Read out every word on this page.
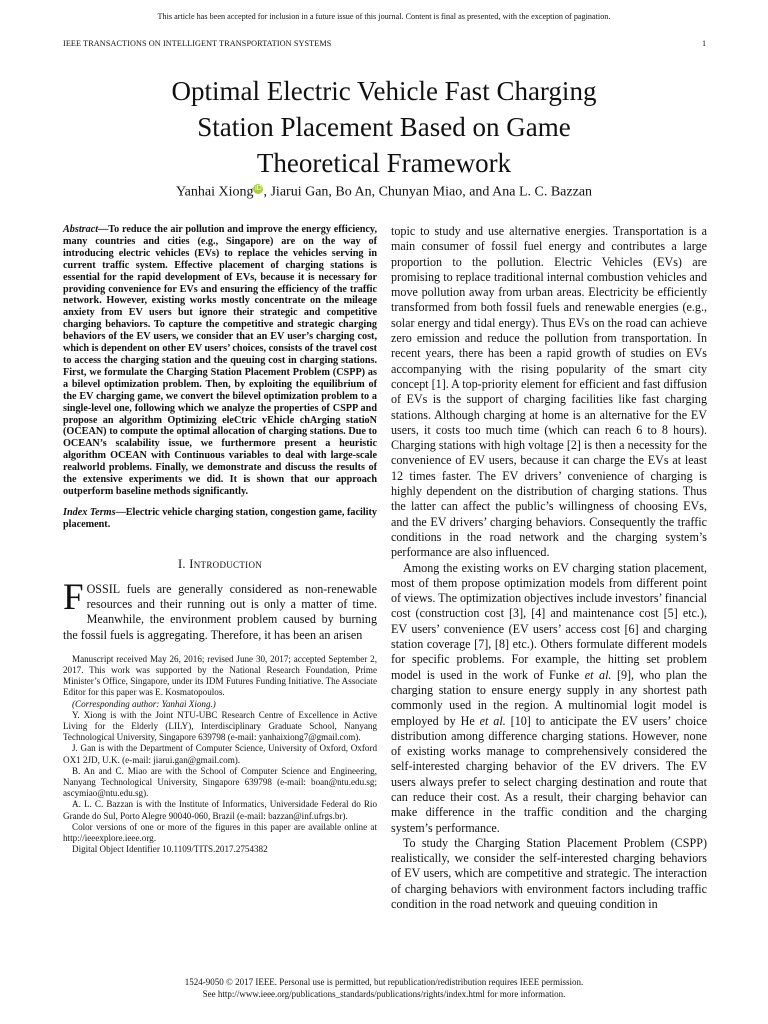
This article has been accepted for inclusion in a future issue of this journal. Content is final as presented, with the exception of pagination.
IEEE TRANSACTIONS ON INTELLIGENT TRANSPORTATION SYSTEMS	1
Optimal Electric Vehicle Fast Charging
Station Placement Based on Game
Theoretical Framework
Yanhai Xiong iD , Jiarui Gan, Bo An, Chunyan Miao, and Ana L. C. Bazzan

Abstract—To reduce the air pollution and improve the energy efficiency, many countries and cities (e.g., Singapore) are on the way of introducing electric vehicles (EVs) to replace the vehicles serving in current traffic system. Effective placement of charging stations is essential for the rapid development of EVs, because it is necessary for providing convenience for EVs and ensuring the efficiency of the traffic network. However, existing works mostly concentrate on the mileage anxiety from EV users but ignore their strategic and competitive charging behaviors. To capture the competitive and strategic charging behaviors of the EV users, we consider that an EV user’s charging cost, which is dependent on other EV users’ choices, consists of the travel cost to access the charging station and the queuing cost in charging stations. First, we formulate the Charging Station Placement Problem (CSPP) as a bilevel optimization problem. Then, by exploiting the equilibrium of the EV charging game, we convert the bilevel optimization problem to a single-level one, following which we analyze the properties of CSPP and propose an algorithm Optimizing eleCtric vEhicle chArging statioN (OCEAN) to compute the optimal allocation of charging stations. Due to OCEAN’s scalability issue, we furthermore present a heuristic algorithm OCEAN with Continuous variables to deal with large-scale realworld problems. Finally, we demonstrate and discuss the results of the extensive experiments we did. It is shown that our approach outperform baseline methods significantly.

Index Terms—Electric vehicle charging station, congestion game, facility placement.

I. Introduction

FOSSIL fuels are generally considered as non-renewable resources and their running out is only a matter of time. Meanwhile, the environment problem caused by burning the fossil fuels is aggregating. Therefore, it has been an arisen

Manuscript received May 26, 2016; revised June 30, 2017; accepted September 2, 2017. This work was supported by the National Research Foundation, Prime Minister’s Office, Singapore, under its IDM Futures Funding Initiative. The Associate Editor for this paper was E. Kosmatopoulos.

(Corresponding author: Yanhai Xiong.)

Y. Xiong is with the Joint NTU-UBC Research Centre of Excellence in Active Living for the Elderly (LILY), Interdisciplinary Graduate School, Nanyang Technological University, Singapore 639798 (e-mail: yanhaixiong7@gmail.com).

J. Gan is with the Department of Computer Science, University of Oxford, Oxford OX1 2JD, U.K. (e-mail: jiarui.gan@gmail.com).

B. An and C. Miao are with the School of Computer Science and Engineering, Nanyang Technological University, Singapore 639798 (e-mail: boan@ntu.edu.sg; ascymiao@ntu.edu.sg).

A. L. C. Bazzan is with the Institute of Informatics, Universidade Federal do Rio Grande do Sul, Porto Alegre 90040-060, Brazil (e-mail: bazzan@inf.ufrgs.br).

Color versions of one or more of the figures in this paper are available online at http://ieeexplore.ieee.org.

Digital Object Identifier 10.1109/TITS.2017.2754382

topic to study and use alternative energies. Transportation is a main consumer of fossil fuel energy and contributes a large proportion to the pollution. Electric Vehicles (EVs) are promising to replace traditional internal combustion vehicles and move pollution away from urban areas. Electricity be efficiently transformed from both fossil fuels and renewable energies (e.g., solar energy and tidal energy). Thus EVs on the road can achieve zero emission and reduce the pollution from transportation. In recent years, there has been a rapid growth of studies on EVs accompanying with the rising popularity of the smart city concept [1]. A top-priority element for efficient and fast diffusion of EVs is the support of charging facilities like fast charging stations. Although charging at home is an alternative for the EV users, it costs too much time (which can reach 6 to 8 hours). Charging stations with high voltage [2] is then a necessity for the convenience of EV users, because it can charge the EVs at least 12 times faster. The EV drivers’ convenience of charging is highly dependent on the distribution of charging stations. Thus the latter can affect the public’s willingness of choosing EVs, and the EV drivers’ charging behaviors. Consequently the traffic conditions in the road network and the charging system’s performance are also influenced.

Among the existing works on EV charging station placement, most of them propose optimization models from different point of views. The optimization objectives include investors’ financial cost (construction cost [3], [4] and maintenance cost [5] etc.), EV users’ convenience (EV users’ access cost [6] and charging station coverage [7], [8] etc.). Others formulate different models for specific problems. For example, the hitting set problem model is used in the work of Funke et al. [9], who plan the charging station to ensure energy supply in any shortest path commonly used in the region. A multinomial logit model is employed by He et al. [10] to anticipate the EV users’ choice distribution among difference charging stations. However, none of existing works manage to comprehensively considered the self-interested charging behavior of the EV drivers. The EV users always prefer to select charging destination and route that can reduce their cost. As a result, their charging behavior can make difference in the traffic condition and the charging system’s performance.

To study the Charging Station Placement Problem (CSPP) realistically, we consider the self-interested charging behaviors of EV users, which are competitive and strategic. The interaction of charging behaviors with environment factors including traffic condition in the road network and queuing condition in

1524-9050 © 2017 IEEE. Personal use is permitted, but republication/redistribution requires IEEE permission.
See http://www.ieee.org/publications_standards/publications/rights/index.html for more information.
